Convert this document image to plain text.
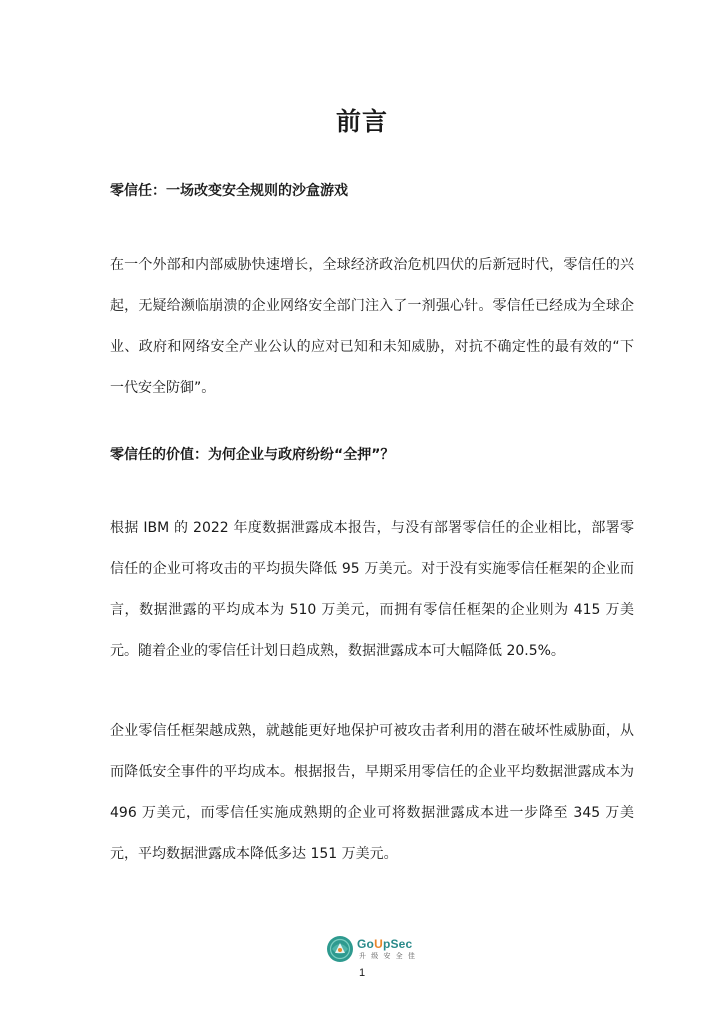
前言
零信任：一场改变安全规则的沙盒游戏
在一个外部和内部威胁快速增长，全球经济政治危机四伏的后新冠时代，零信任的兴起，无疑给濒临崩溃的企业网络安全部门注入了一剂强心针。零信任已经成为全球企业、政府和网络安全产业公认的应对已知和未知威胁，对抗不确定性的最有效的“下一代安全防御”。
零信任的价值：为何企业与政府纷纷“全押”？
根据 IBM 的 2022 年度数据泄露成本报告，与没有部署零信任的企业相比，部署零信任的企业可将攻击的平均损失降低 95 万美元。对于没有实施零信任框架的企业而言，数据泄露的平均成本为 510 万美元，而拥有零信任框架的企业则为 415 万美元。随着企业的零信任计划日趋成熟，数据泄露成本可大幅降低 20.5%。
企业零信任框架越成熟，就越能更好地保护可被攻击者利用的潜在破坏性威胁面，从而降低安全事件的平均成本。根据报告，早期采用零信任的企业平均数据泄露成本为 496 万美元，而零信任实施成熟期的企业可将数据泄露成本进一步降至 345 万美元，平均数据泄露成本降低多达 151 万美元。
GoUpSec
升 级 安 全 佳
1
